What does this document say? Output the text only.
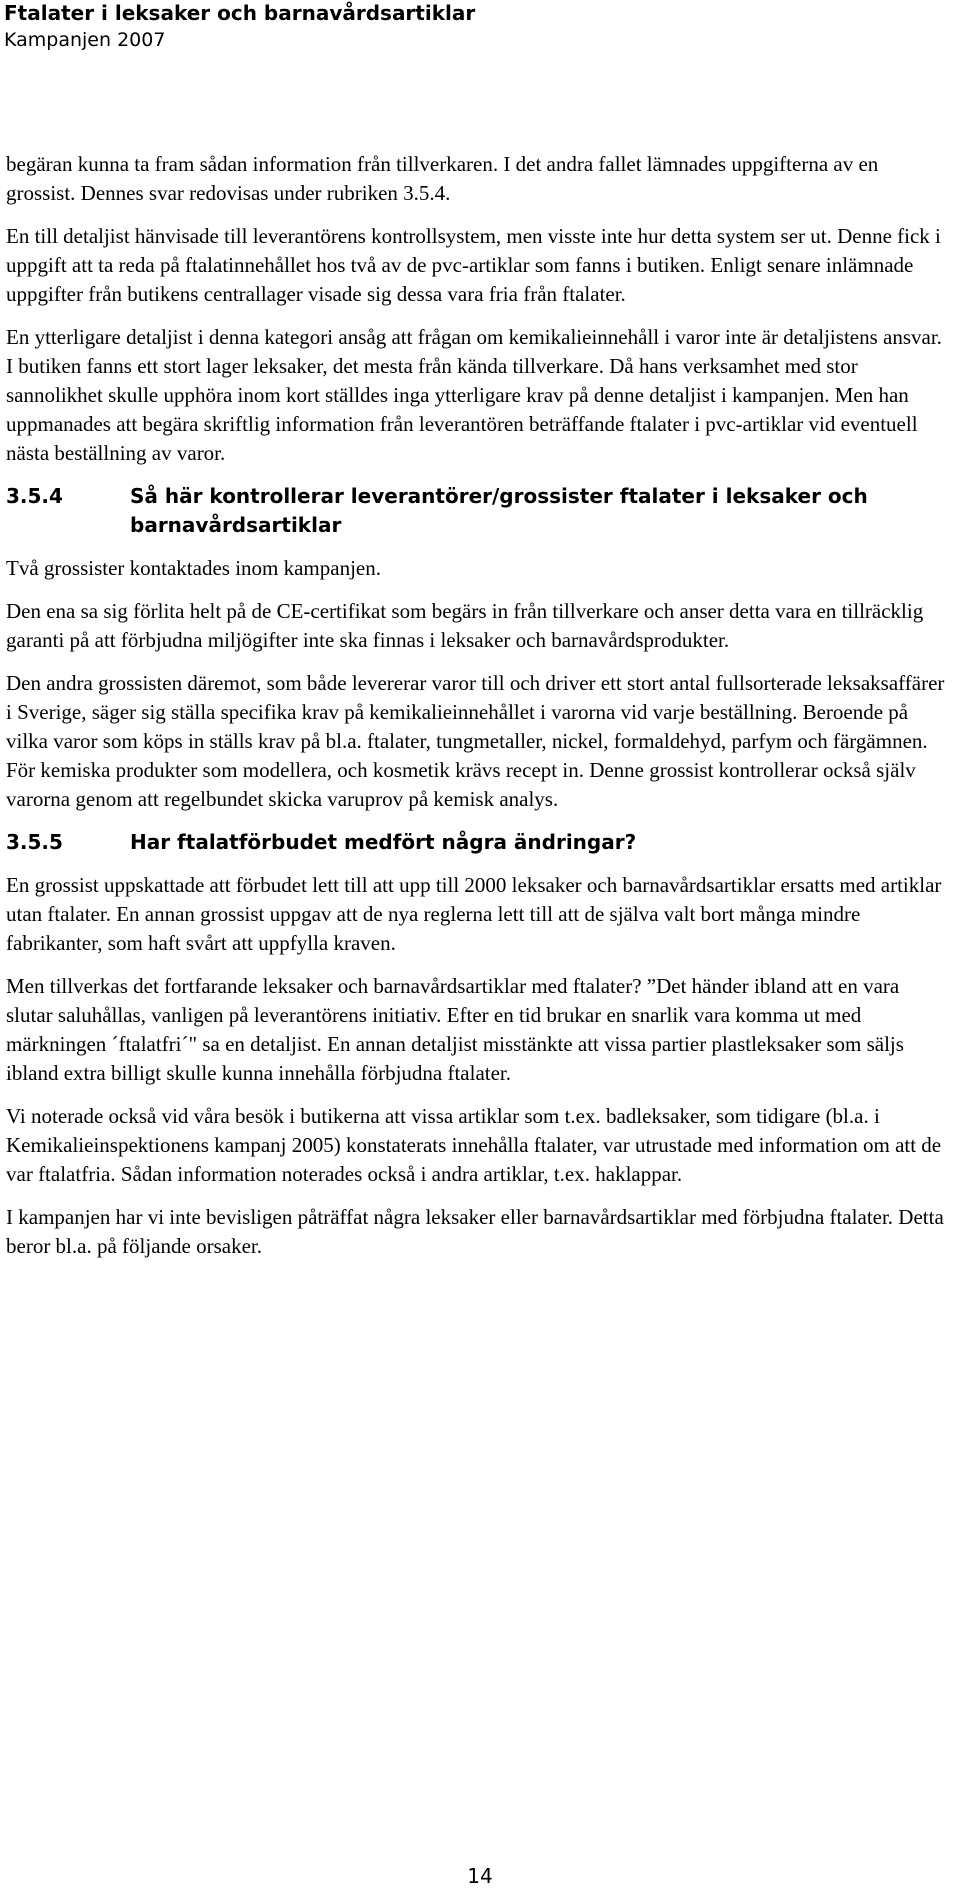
Ftalater i leksaker och barnavårdsartiklar
Kampanjen 2007

begäran kunna ta fram sådan information från tillverkaren. I det andra fallet lämnades uppgifterna av en grossist. Dennes svar redovisas under rubriken 3.5.4.

En till detaljist hänvisade till leverantörens kontrollsystem, men visste inte hur detta system ser ut. Denne fick i uppgift att ta reda på ftalatinnehållet hos två av de pvc-artiklar som fanns i butiken. Enligt senare inlämnade uppgifter från butikens centrallager visade sig dessa vara fria från ftalater.

En ytterligare detaljist i denna kategori ansåg att frågan om kemikalieinnehåll i varor inte är detaljistens ansvar. I butiken fanns ett stort lager leksaker, det mesta från kända tillverkare. Då hans verksamhet med stor sannolikhet skulle upphöra inom kort ställdes inga ytterligare krav på denne detaljist i kampanjen. Men han uppmanades att begära skriftlig information från leverantören beträffande ftalater i pvc-artiklar vid eventuell nästa beställning av varor.

3.5.4	Så här kontrollerar leverantörer/grossister ftalater i leksaker och barnavårdsartiklar

Två grossister kontaktades inom kampanjen.

Den ena sa sig förlita helt på de CE-certifikat som begärs in från tillverkare och anser detta vara en tillräcklig garanti på att förbjudna miljögifter inte ska finnas i leksaker och barnavårdsprodukter.

Den andra grossisten däremot, som både levererar varor till och driver ett stort antal fullsorterade leksaksaffärer i Sverige, säger sig ställa specifika krav på kemikalieinnehållet i varorna vid varje beställning. Beroende på vilka varor som köps in ställs krav på bl.a. ftalater, tungmetaller, nickel, formaldehyd, parfym och färgämnen. För kemiska produkter som modellera, och kosmetik krävs recept in. Denne grossist kontrollerar också själv varorna genom att regelbundet skicka varuprov på kemisk analys.

3.5.5	Har ftalatförbudet medfört några ändringar?

En grossist uppskattade att förbudet lett till att upp till 2000 leksaker och barnavårdsartiklar ersatts med artiklar utan ftalater. En annan grossist uppgav att de nya reglerna lett till att de själva valt bort många mindre fabrikanter, som haft svårt att uppfylla kraven.

Men tillverkas det fortfarande leksaker och barnavårdsartiklar med ftalater? ”Det händer ibland att en vara slutar saluhållas, vanligen på leverantörens initiativ. Efter en tid brukar en snarlik vara komma ut med märkningen ´ftalatfri´" sa en detaljist. En annan detaljist misstänkte att vissa partier plastleksaker som säljs ibland extra billigt skulle kunna innehålla förbjudna ftalater.

Vi noterade också vid våra besök i butikerna att vissa artiklar som t.ex. badleksaker, som tidigare (bl.a. i Kemikalieinspektionens kampanj 2005) konstaterats innehålla ftalater, var utrustade med information om att de var ftalatfria. Sådan information noterades också i andra artiklar, t.ex. haklappar.

I kampanjen har vi inte bevisligen påträffat några leksaker eller barnavårdsartiklar med förbjudna ftalater. Detta beror bl.a. på följande orsaker.

14
